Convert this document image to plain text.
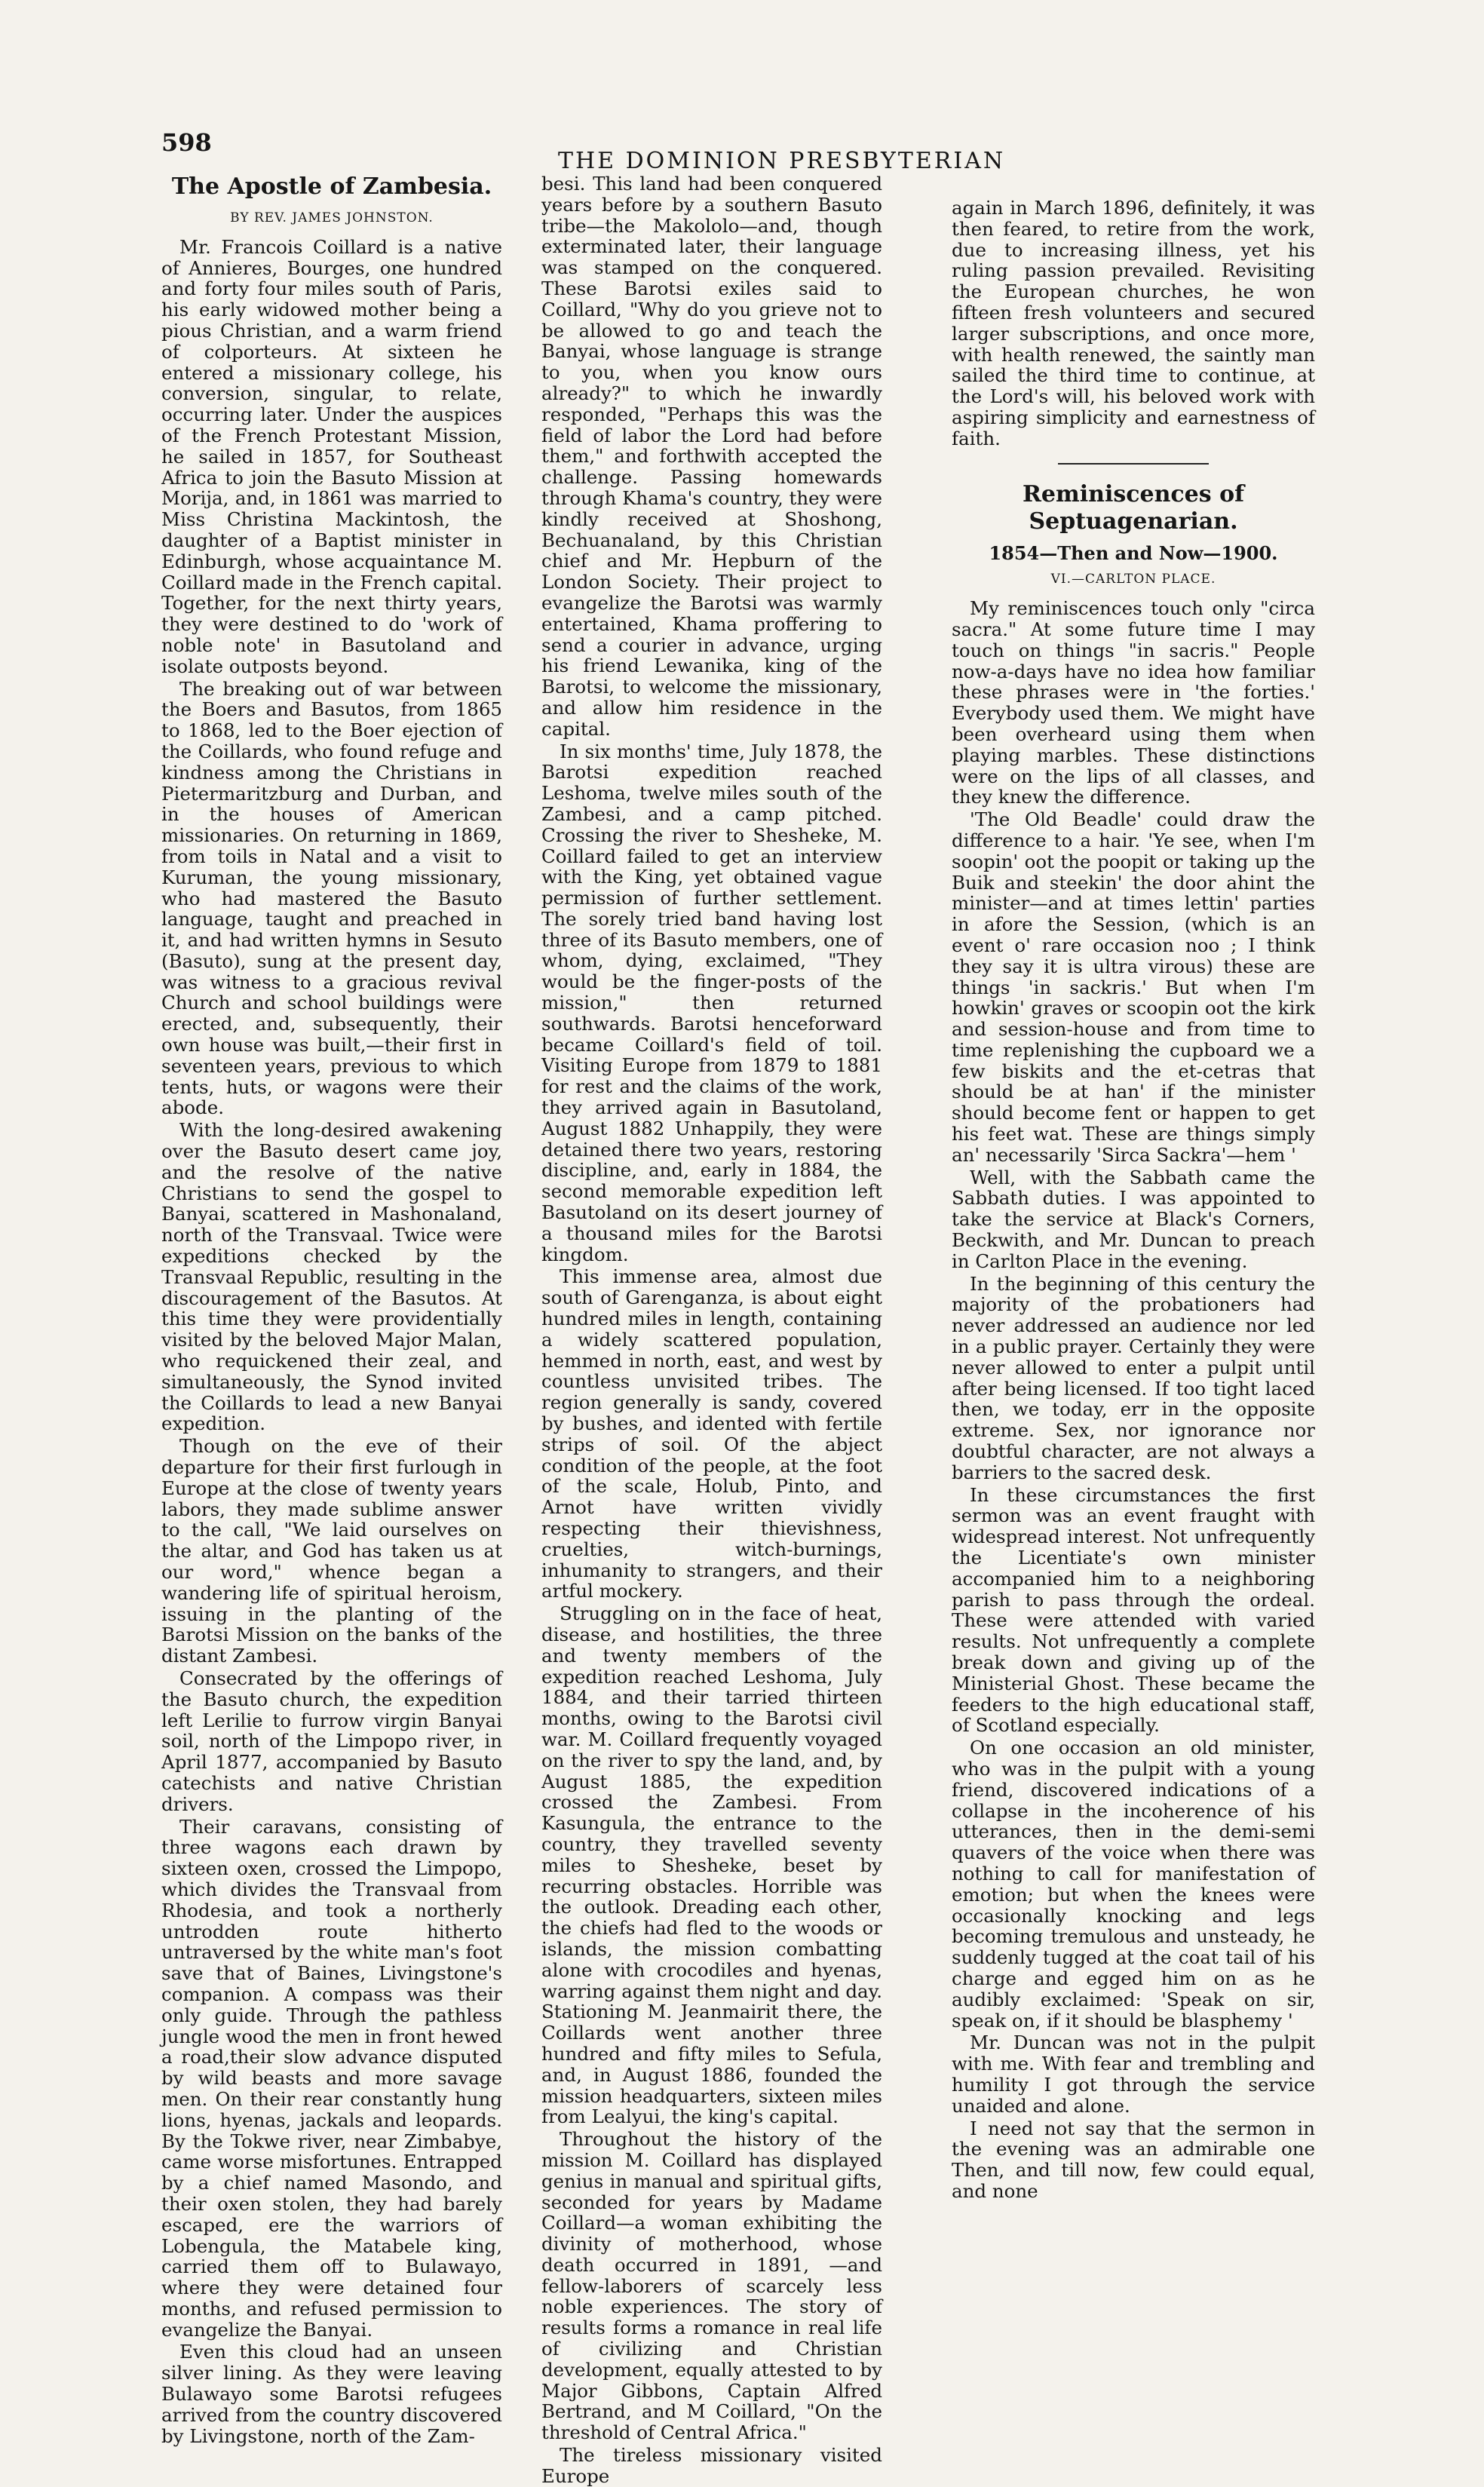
598
THE DOMINION PRESBYTERIAN
The Apostle of Zambesia.
BY REV. JAMES JOHNSTON.

Mr. Francois Coillard is a native of Annieres, Bourges, one hundred and forty four miles south of Paris, his early widowed mother being a pious Christian, and a warm friend of colporteurs. At sixteen he entered a missionary college, his conversion, singular, to relate, occurring later. Under the auspices of the French Protestant Mission, he sailed in 1857, for Southeast Africa to join the Basuto Mission at Morija, and, in 1861 was married to Miss Christina Mackintosh, the daughter of a Baptist minister in Edinburgh, whose acquaintance M. Coillard made in the French capital. Together, for the next thirty years, they were destined to do 'work of noble note' in Basutoland and isolate outposts beyond.

The breaking out of war between the Boers and Basutos, from 1865 to 1868, led to the Boer ejection of the Coillards, who found refuge and kindness among the Christians in Pietermaritzburg and Durban, and in the houses of American missionaries. On returning in 1869, from toils in Natal and a visit to Kuruman, the young missionary, who had mastered the Basuto language, taught and preached in it, and had written hymns in Sesuto (Basuto), sung at the present day, was witness to a gracious revival Church and school buildings were erected, and, subsequently, their own house was built,—their first in seventeen years, previous to which tents, huts, or wagons were their abode.

With the long-desired awakening over the Basuto desert came joy, and the resolve of the native Christians to send the gospel to Banyai, scattered in Mashonaland, north of the Transvaal. Twice were expeditions checked by the Transvaal Republic, resulting in the discouragement of the Basutos. At this time they were providentially visited by the beloved Major Malan, who requickened their zeal, and simultaneously, the Synod invited the Coillards to lead a new Banyai expedition.

Though on the eve of their departure for their first furlough in Europe at the close of twenty years labors, they made sublime answer to the call, "We laid ourselves on the altar, and God has taken us at our word," whence began a wandering life of spiritual heroism, issuing in the planting of the Barotsi Mission on the banks of the distant Zambesi.

Consecrated by the offerings of the Basuto church, the expedition left Lerilie to furrow virgin Banyai soil, north of the Limpopo river, in April 1877, accompanied by Basuto catechists and native Christian drivers.

Their caravans, consisting of three wagons each drawn by sixteen oxen, crossed the Limpopo, which divides the Transvaal from Rhodesia, and took a northerly untrodden route hitherto untraversed by the white man's foot save that of Baines, Livingstone's companion. A compass was their only guide. Through the pathless jungle wood the men in front hewed a road,their slow advance disputed by wild beasts and more savage men. On their rear constantly hung lions, hyenas, jackals and leopards. By the Tokwe river, near Zimbabye, came worse misfortunes. Entrapped by a chief named Masondo, and their oxen stolen, they had barely escaped, ere the warriors of Lobengula, the Matabele king, carried them off to Bulawayo, where they were detained four months, and refused permission to evangelize the Banyai.

Even this cloud had an unseen silver lining. As they were leaving Bulawayo some Barotsi refugees arrived from the country discovered by Livingstone, north of the Zam-

besi. This land had been conquered years before by a southern Basuto tribe—the Makololo—and, though exterminated later, their language was stamped on the conquered. These Barotsi exiles said to Coillard, "Why do you grieve not to be allowed to go and teach the Banyai, whose language is strange to you, when you know ours already?" to which he inwardly responded, "Perhaps this was the field of labor the Lord had before them," and forthwith accepted the challenge. Passing homewards through Khama's country, they were kindly received at Shoshong, Bechuanaland, by this Christian chief and Mr. Hepburn of the London Society. Their project to evangelize the Barotsi was warmly entertained, Khama proffering to send a courier in advance, urging his friend Lewanika, king of the Barotsi, to welcome the missionary, and allow him residence in the capital.

In six months' time, July 1878, the Barotsi expedition reached Leshoma, twelve miles south of the Zambesi, and a camp pitched. Crossing the river to Shesheke, M. Coillard failed to get an interview with the King, yet obtained vague permission of further settlement. The sorely tried band having lost three of its Basuto members, one of whom, dying, exclaimed, "They would be the finger-posts of the mission," then returned southwards. Barotsi henceforward became Coillard's field of toil. Visiting Europe from 1879 to 1881 for rest and the claims of the work, they arrived again in Basutoland, August 1882 Unhappily, they were detained there two years, restoring discipline, and, early in 1884, the second memorable expedition left Basutoland on its desert journey of a thousand miles for the Barotsi kingdom.

This immense area, almost due south of Garenganza, is about eight hundred miles in length, containing a widely scattered population, hemmed in north, east, and west by countless unvisited tribes. The region generally is sandy, covered by bushes, and idented with fertile strips of soil. Of the abject condition of the people, at the foot of the scale, Holub, Pinto, and Arnot have written vividly respecting their thievishness, cruelties, witch-burnings, inhumanity to strangers, and their artful mockery.

Struggling on in the face of heat, disease, and hostilities, the three and twenty members of the expedition reached Leshoma, July 1884, and their tarried thirteen months, owing to the Barotsi civil war. M. Coillard frequently voyaged on the river to spy the land, and, by August 1885, the expedition crossed the Zambesi. From Kasungula, the entrance to the country, they travelled seventy miles to Shesheke, beset by recurring obstacles. Horrible was the outlook. Dreading each other, the chiefs had fled to the woods or islands, the mission combatting alone with crocodiles and hyenas, warring against them night and day. Stationing M. Jeanmairit there, the Coillards went another three hundred and fifty miles to Sefula, and, in August 1886, founded the mission headquarters, sixteen miles from Lealyui, the king's capital.

Throughout the history of the mission M. Coillard has displayed genius in manual and spiritual gifts, seconded for years by Madame Coillard—a woman exhibiting the divinity of motherhood, whose death occurred in 1891, —and fellow-laborers of scarcely less noble experiences. The story of results forms a romance in real life of civilizing and Christian development, equally attested to by Major Gibbons, Captain Alfred Bertrand, and M Coillard, "On the threshold of Central Africa."

The tireless missionary visited Europe

again in March 1896, definitely, it was then feared, to retire from the work, due to increasing illness, yet his ruling passion prevailed. Revisiting the European churches, he won fifteen fresh volunteers and secured larger subscriptions, and once more, with health renewed, the saintly man sailed the third time to continue, at the Lord's will, his beloved work with aspiring simplicity and earnestness of faith.

Reminiscences of Septuagenarian.
1854—Then and Now—1900.
VI.—CARLTON PLACE.

My reminiscences touch only "circa sacra." At some future time I may touch on things "in sacris." People now-a-days have no idea how familiar these phrases were in 'the forties.' Everybody used them. We might have been overheard using them when playing marbles. These distinctions were on the lips of all classes, and they knew the difference.

'The Old Beadle' could draw the difference to a hair. 'Ye see, when I'm soopin' oot the poopit or taking up the Buik and steekin' the door ahint the minister—and at times lettin' parties in afore the Session, (which is an event o' rare occasion noo ; I think they say it is ultra virous) these are things 'in sackris.' But when I'm howkin' graves or scoopin oot the kirk and session-house and from time to time replenishing the cupboard we a few biskits and the et-cetras that should be at han' if the minister should become fent or happen to get his feet wat. These are things simply an' necessarily 'Sirca Sackra'—hem '

Well, with the Sabbath came the Sabbath duties. I was appointed to take the service at Black's Corners, Beckwith, and Mr. Duncan to preach in Carlton Place in the evening.

In the beginning of this century the majority of the probationers had never addressed an audience nor led in a public prayer. Certainly they were never allowed to enter a pulpit until after being licensed. If too tight laced then, we today, err in the opposite extreme. Sex, nor ignorance nor doubtful character, are not always a barriers to the sacred desk.

In these circumstances the first sermon was an event fraught with widespread interest. Not unfrequently the Licentiate's own minister accompanied him to a neighboring parish to pass through the ordeal. These were attended with varied results. Not unfrequently a complete break down and giving up of the Ministerial Ghost. These became the feeders to the high educational staff, of Scotland especially.

On one occasion an old minister, who was in the pulpit with a young friend, discovered indications of a collapse in the incoherence of his utterances, then in the demi-semi quavers of the voice when there was nothing to call for manifestation of emotion; but when the knees were occasionally knocking and legs becoming tremulous and unsteady, he suddenly tugged at the coat tail of his charge and egged him on as he audibly exclaimed: 'Speak on sir, speak on, if it should be blasphemy '

Mr. Duncan was not in the pulpit with me. With fear and trembling and humility I got through the service unaided and alone.

I need not say that the sermon in the evening was an admirable one Then, and till now, few could equal, and none
